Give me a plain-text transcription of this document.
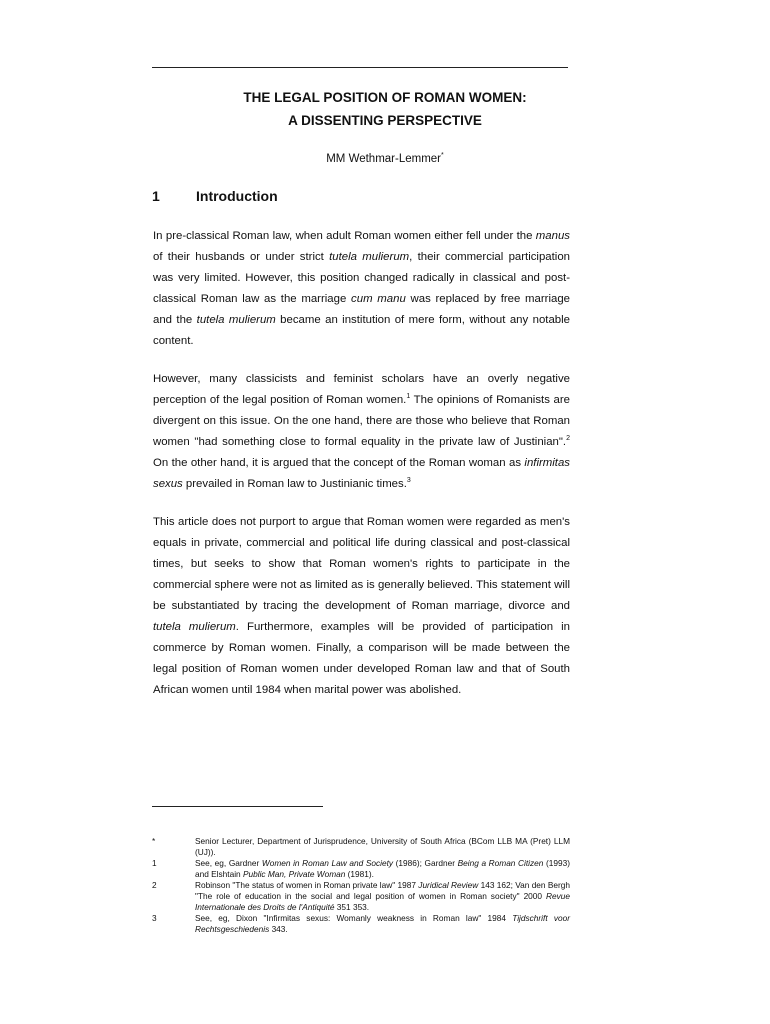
THE LEGAL POSITION OF ROMAN WOMEN:
A DISSENTING PERSPECTIVE
MM Wethmar-Lemmer*
1	Introduction

In pre-classical Roman law, when adult Roman women either fell under the manus of their husbands or under strict tutela mulierum, their commercial participation was very limited. However, this position changed radically in classical and post-classical Roman law as the marriage cum manu was replaced by free marriage and the tutela mulierum became an institution of mere form, without any notable content.

However, many classicists and feminist scholars have an overly negative perception of the legal position of Roman women.$^1$ The opinions of Romanists are divergent on this issue. On the one hand, there are those who believe that Roman women "had something close to formal equality in the private law of Justinian".$^2$ On the other hand, it is argued that the concept of the Roman woman as infirmitas sexus prevailed in Roman law to Justinianic times.$^3$

This article does not purport to argue that Roman women were regarded as men's equals in private, commercial and political life during classical and post-classical times, but seeks to show that Roman women's rights to participate in the commercial sphere were not as limited as is generally believed. This statement will be substantiated by tracing the development of Roman marriage, divorce and tutela mulierum. Furthermore, examples will be provided of participation in commerce by Roman women. Finally, a comparison will be made between the legal position of Roman women under developed Roman law and that of South African women until 1984 when marital power was abolished.

*	Senior Lecturer, Department of Jurisprudence, University of South Africa (BCom LLB MA (Pret) LLM (UJ)).
1	See, eg, Gardner Women in Roman Law and Society (1986); Gardner Being a Roman Citizen (1993) and Elshtain Public Man, Private Woman (1981).
2	Robinson "The status of women in Roman private law" 1987 Juridical Review 143 162; Van den Bergh "The role of education in the social and legal position of women in Roman society" 2000 Revue Internationale des Droits de l'Antiquité 351 353.
3	See, eg, Dixon "Infirmitas sexus: Womanly weakness in Roman law" 1984 Tijdschrift voor Rechtsgeschiedenis 343.
